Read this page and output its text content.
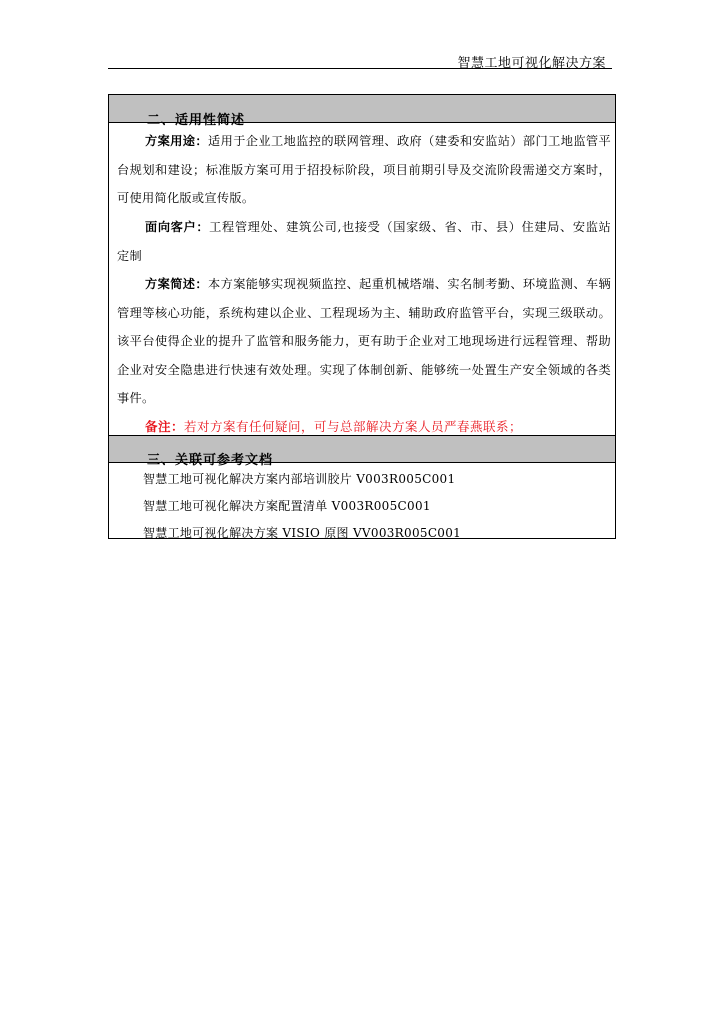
智慧工地可视化解决方案
二、适用性简述
方案用途：适用于企业工地监控的联网管理、政府（建委和安监站）部门工地监管平台规划和建设；标准版方案可用于招投标阶段，项目前期引导及交流阶段需递交方案时，可使用简化版或宣传版。
面向客户：工程管理处、建筑公司,也接受（国家级、省、市、县）住建局、安监站定制
方案简述：本方案能够实现视频监控、起重机械塔端、实名制考勤、环境监测、车辆管理等核心功能，系统构建以企业、工程现场为主、辅助政府监管平台，实现三级联动。该平台使得企业的提升了监管和服务能力，更有助于企业对工地现场进行远程管理、帮助企业对安全隐患进行快速有效处理。实现了体制创新、能够统一处置生产安全领域的各类事件。
备注：若对方案有任何疑问，可与总部解决方案人员严春燕联系；
三、关联可参考文档
智慧工地可视化解决方案内部培训胶片 V003R005C001
智慧工地可视化解决方案配置清单 V003R005C001
智慧工地可视化解决方案 VISIO 原图 VV003R005C001
